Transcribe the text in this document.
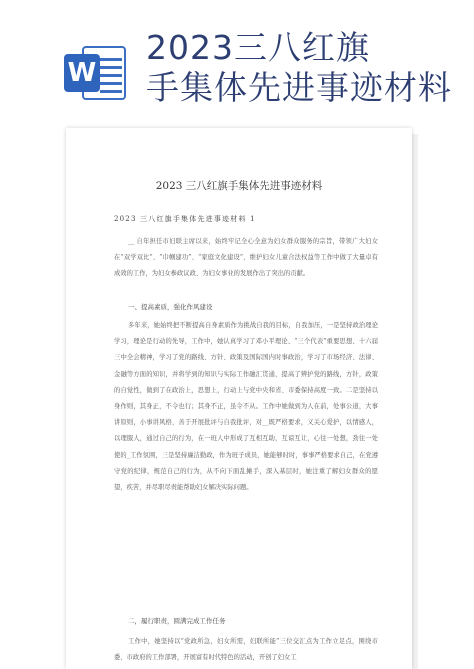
W
2023三八红旗
手集体先进事迹材料
2023 三八红旗手集体先进事迹材料
2023 三八红旗手集体先进事迹材料 1

__ 自年担任市妇联主席以来，始终牢记全心全意为妇女群众服务的宗旨，带领广大妇女在“双学双比”、“巾帼建功”、“家庭文化建设”、维护妇女儿童合法权益等工作中做了大量卓有成效的工作，为妇女参政议政、为妇女事业的发展作出了突出的贡献。

一、提高素质，强化作风建设

多年来，她始终把不断提高自身素质作为挑战自我的目标，自我加压，一是坚持政治理论学习，理论是行动的先导，工作中，她认真学习了邓小平理论、“三个代表”重要思想、十六届三中全会精神，学习了党的路线、方针、政策及国际国内时事政治，学习了市场经济、法律、金融等方面的知识，并将学到的知识与实际工作融汇贯通，提高了辨护党的路线，方针，政策的自觉性，做到了在政治上，思想上，行动上与党中央和省、市委保持高度一致。二是坚持以身作则，其身正，不令也行；其身不正，虽令不从。工作中她做到为人在前，处事公道，大事讲原则，小事讲风格，善于开展批评与自我批评，对__既严格要求，又关心爱护，以情感人，以理服人，通过自己的行为，在一班人中形成了互相互助，互谅互让，心往一处想，劲往一处使的_工作氛围，三是坚持廉洁勤政，作为班子成员，她能够时时，事事严格要求自己，在党遵守党的纪律，规范自己的行为，从不向下面乱摊手，深入基层时，她注重了解妇女群众的愿望，疾苦，并尽职尽责能帮助妇女解决实际问题。

二，履行职责，圆满完成工作任务

工作中，她坚持以“党政所急，妇女所需，妇联所能”三位交汇点为工作立足点，围绕市委、市政府的工作部署，开展富有时代特色的活动，开创了妇女工
